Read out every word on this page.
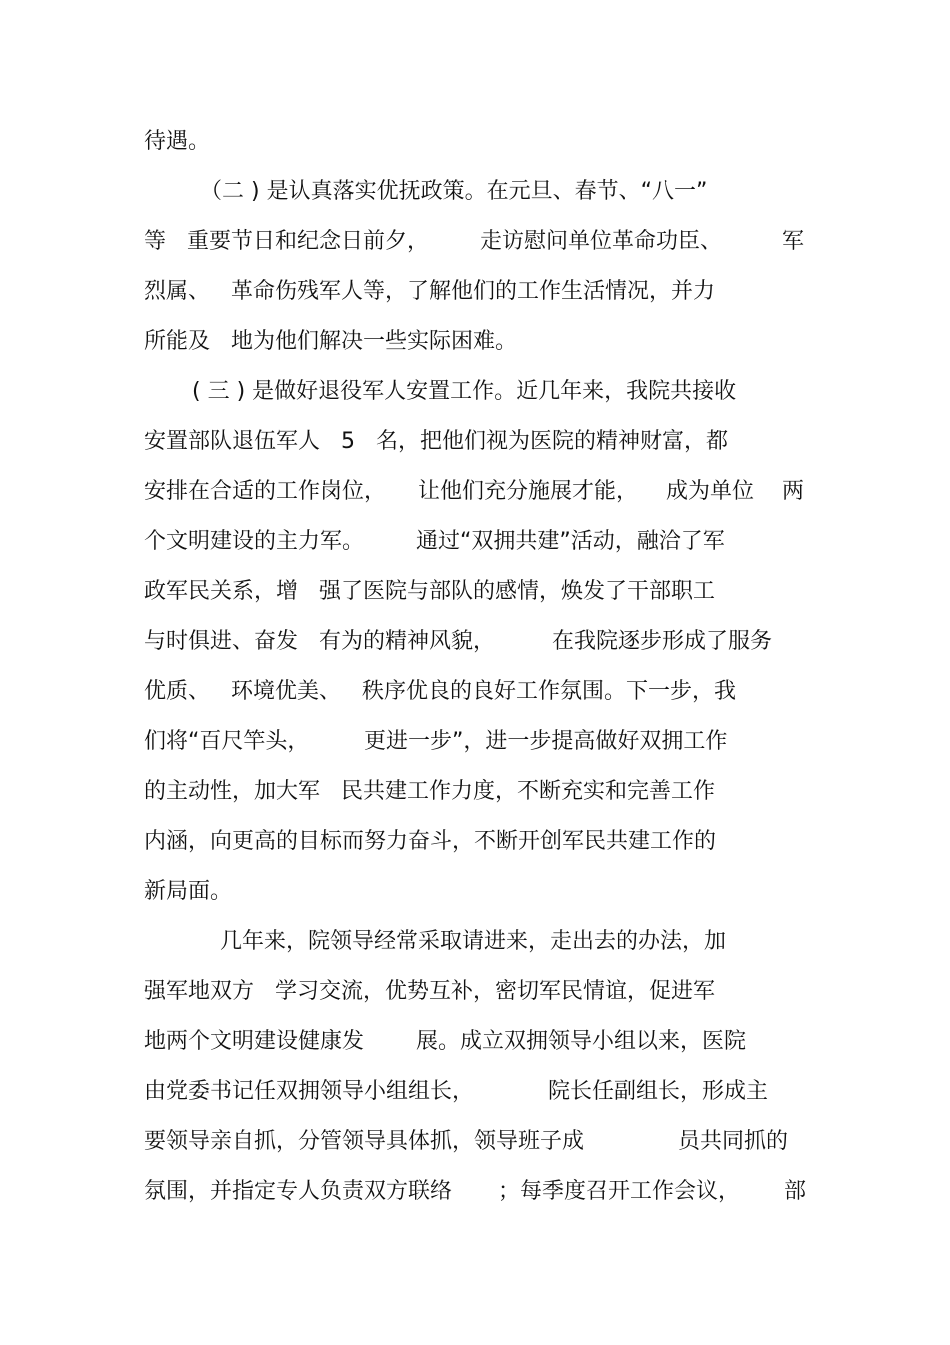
待遇。
（二 ) 是认真落实优抚政策。在元旦、春节、“八一”
等   重要节日和纪念日前夕， 走访慰问单位革命功臣、	军
烈属、   革命伤残军人等，了解他们的工作生活情况，并力
所能及   地为他们解决一些实际困难。
( 三 ) 是做好退役军人安置工作。近几年来，我院共接收
安置部队退伍军人   5   名，把他们视为医院的精神财富，都
安排在合适的工作岗位， 让他们充分施展才能， 成为单位 两
个文明建设的主力军。 通过“双拥共建”活动，融洽了军
政军民关系，增   强了医院与部队的感情，焕发了干部职工
与时俱进、奋发   有为的精神风貌，	在我院逐步形成了服务
优质、   环境优美、   秩序优良的良好工作氛围。下一步，我
们将“百尺竿头， 更进一步”，进一步提高做好双拥工作
的主动性，加大军   民共建工作力度，不断充实和完善工作
内涵，向更高的目标而努力奋斗，不断开创军民共建工作的
新局面。
几年来，院领导经常采取请进来，走出去的办法，加
强军地双方   学习交流，优势互补，密切军民情谊，促进军
地两个文明建设健康发 展。成立双拥领导小组以来，医院
由党委书记任双拥领导小组组长，	院长任副组长，形成主
要领导亲自抓，分管领导具体抓，领导班子成	员共同抓的
氛围，并指定专人负责双方联络 ；每季度召开工作会议， 部
